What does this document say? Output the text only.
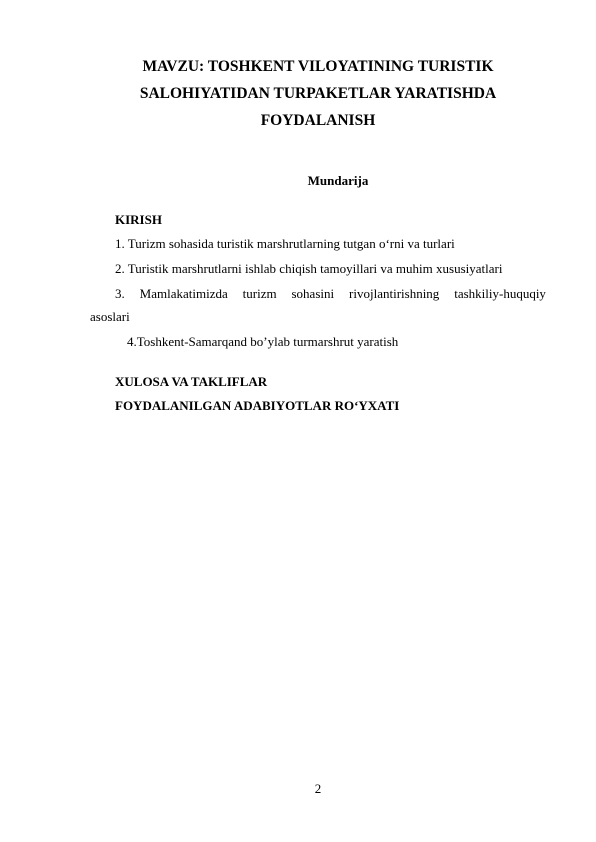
MAVZU: TOSHKENT VILOYATINING TURISTIK
SALOHIYATIDAN TURPAKETLAR YARATISHDA
FOYDALANISH
Mundarija
KIRISH
1. Turizm sohasida turistik marshrutlarning tutgan o‘rni va turlari
2. Turistik marshrutlarni ishlab chiqish tamoyillari va muhim xususiyatlari
3. Mamlakatimizda turizm sohasini rivojlantirishning tashkiliy-huquqiy
asoslari
4.Toshkent-Samarqand bo’ylab turmarshrut yaratish
XULOSA VA TAKLIFLAR
FOYDALANILGAN ADABIYOTLAR RO‘YXATI
2
